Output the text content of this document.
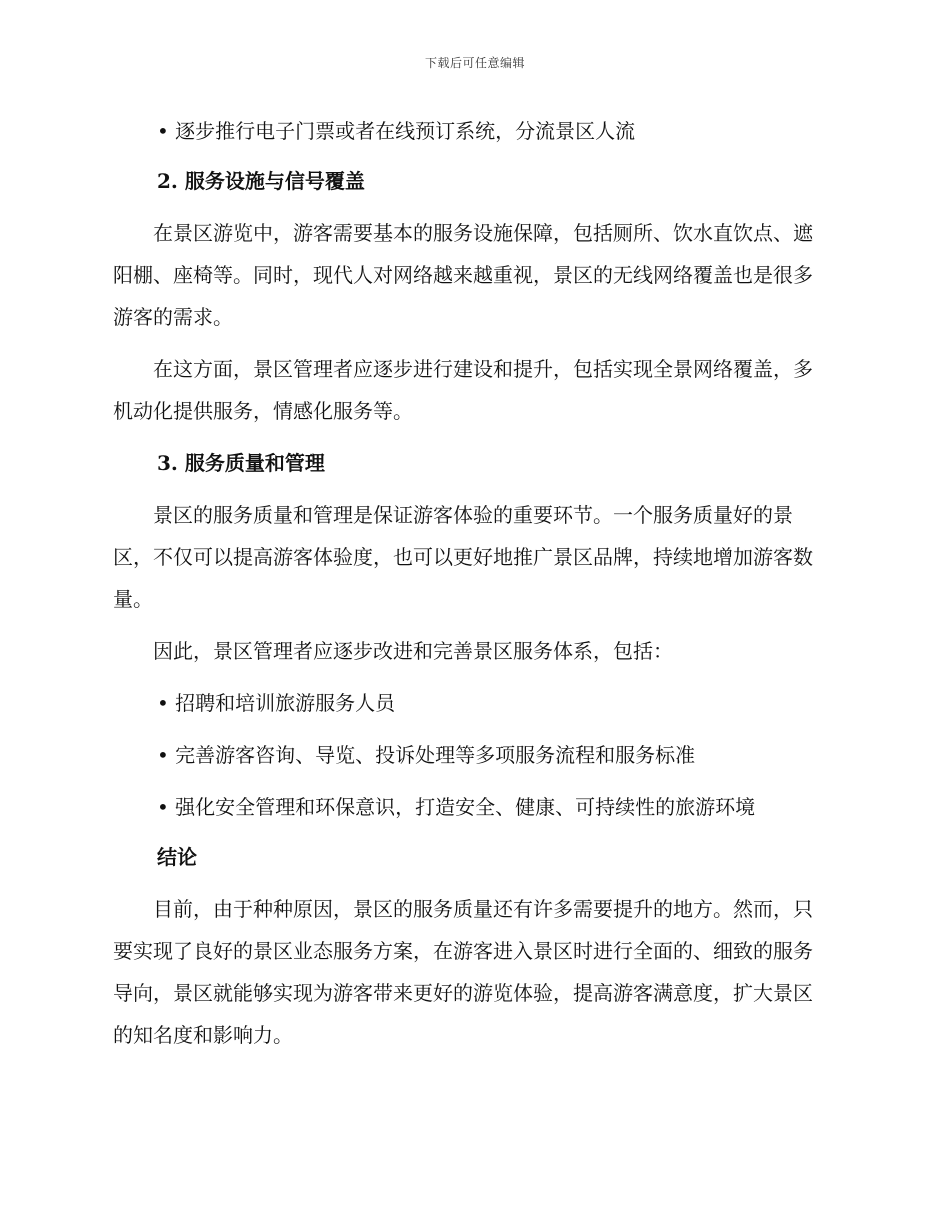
下载后可任意编辑

• 逐步推行电子门票或者在线预订系统，分流景区人流

2. 服务设施与信号覆盖

在景区游览中，游客需要基本的服务设施保障，包括厕所、饮水直饮点、遮阳棚、座椅等。同时，现代人对网络越来越重视，景区的无线网络覆盖也是很多游客的需求。

在这方面，景区管理者应逐步进行建设和提升，包括实现全景网络覆盖，多机动化提供服务，情感化服务等。

3. 服务质量和管理

景区的服务质量和管理是保证游客体验的重要环节。一个服务质量好的景区，不仅可以提高游客体验度，也可以更好地推广景区品牌，持续地增加游客数量。

因此，景区管理者应逐步改进和完善景区服务体系，包括：

• 招聘和培训旅游服务人员

• 完善游客咨询、导览、投诉处理等多项服务流程和服务标准

• 强化安全管理和环保意识，打造安全、健康、可持续性的旅游环境

结论

目前，由于种种原因，景区的服务质量还有许多需要提升的地方。然而，只要实现了良好的景区业态服务方案，在游客进入景区时进行全面的、细致的服务导向，景区就能够实现为游客带来更好的游览体验，提高游客满意度，扩大景区的知名度和影响力。
